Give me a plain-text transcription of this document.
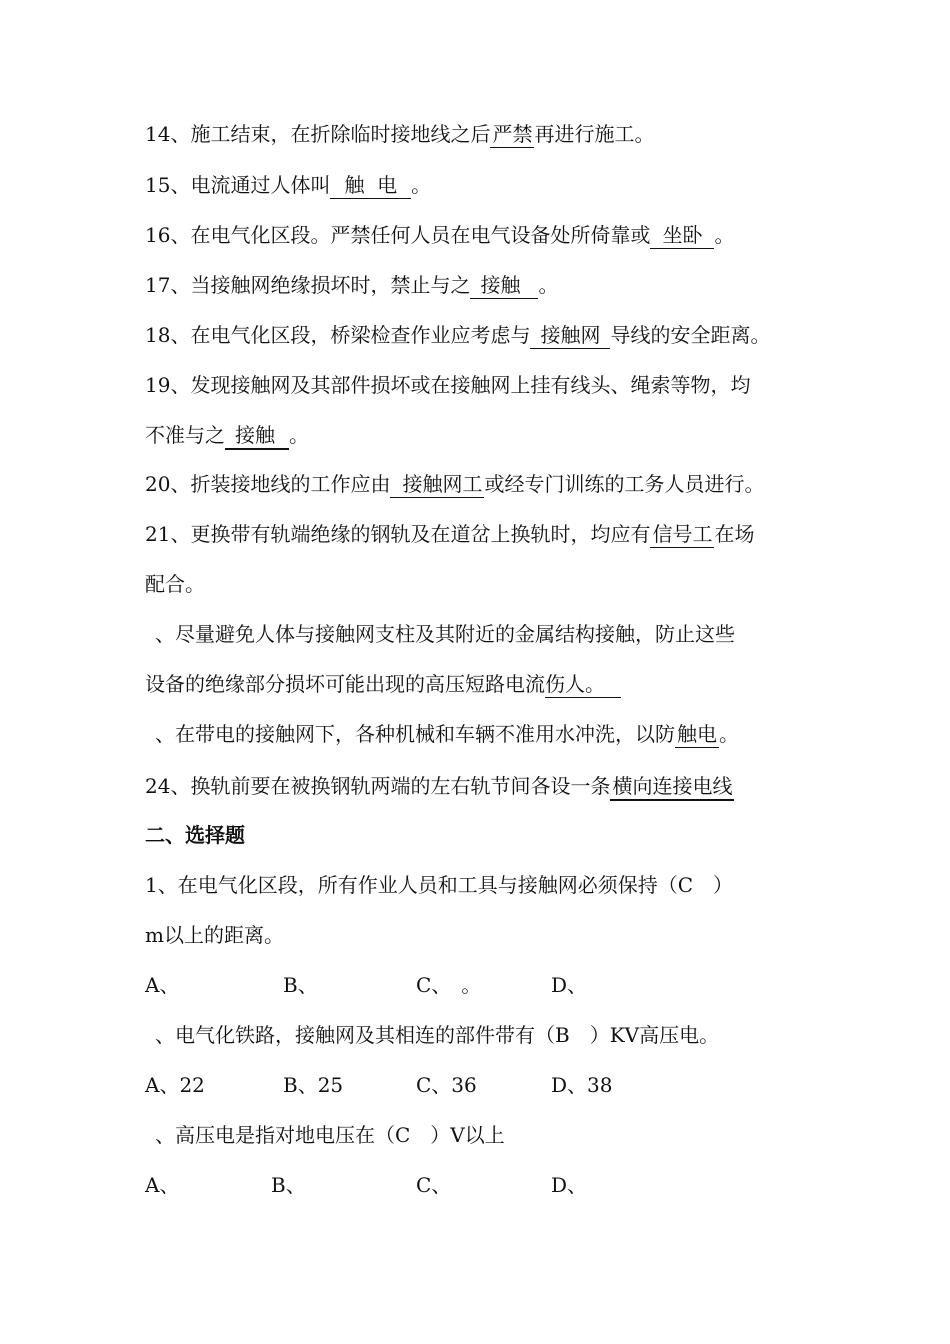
14、施工结束，在折除临时接地线之后 严禁 再进行施工。
15、电流通过人体叫 触  电 。
16、在电气化区段。严禁任何人员在电气设备处所倚靠或 坐卧 。
17、当接触网绝缘损坏时，禁止与之 接触 。
18、在电气化区段，桥梁检查作业应考虑与 接触网 导线的安全距离。
19、发现接触网及其部件损坏或在接触网上挂有线头、绳索等物，均
不准与之 接触 。
20、折装接地线的工作应由 接触网工 或经专门训练的工务人员进行。
21、更换带有轨端绝缘的钢轨及在道岔上换轨时，均应有 信号工 在场
配合。
、尽量避免人体与接触网支柱及其附近的金属结构接触，防止这些
设备的绝缘部分损坏可能出现的高压短路电流伤人。
、在带电的接触网下，各种机械和车辆不准用水冲洗，以防 触电 。
24、换轨前要在被换钢轨两端的左右轨节间各设一条 横向连接电线
二、选择题
1、在电气化区段，所有作业人员和工具与接触网必须保持（C　）
m以上的距离。
A、	B、	C、　。	D、
、电气化铁路，接触网及其相连的部件带有（B　）KV高压电。
A、22	B、25	C、36	D、38
、高压电是指对地电压在（C　）V以上
A、	B、	C、	D、
